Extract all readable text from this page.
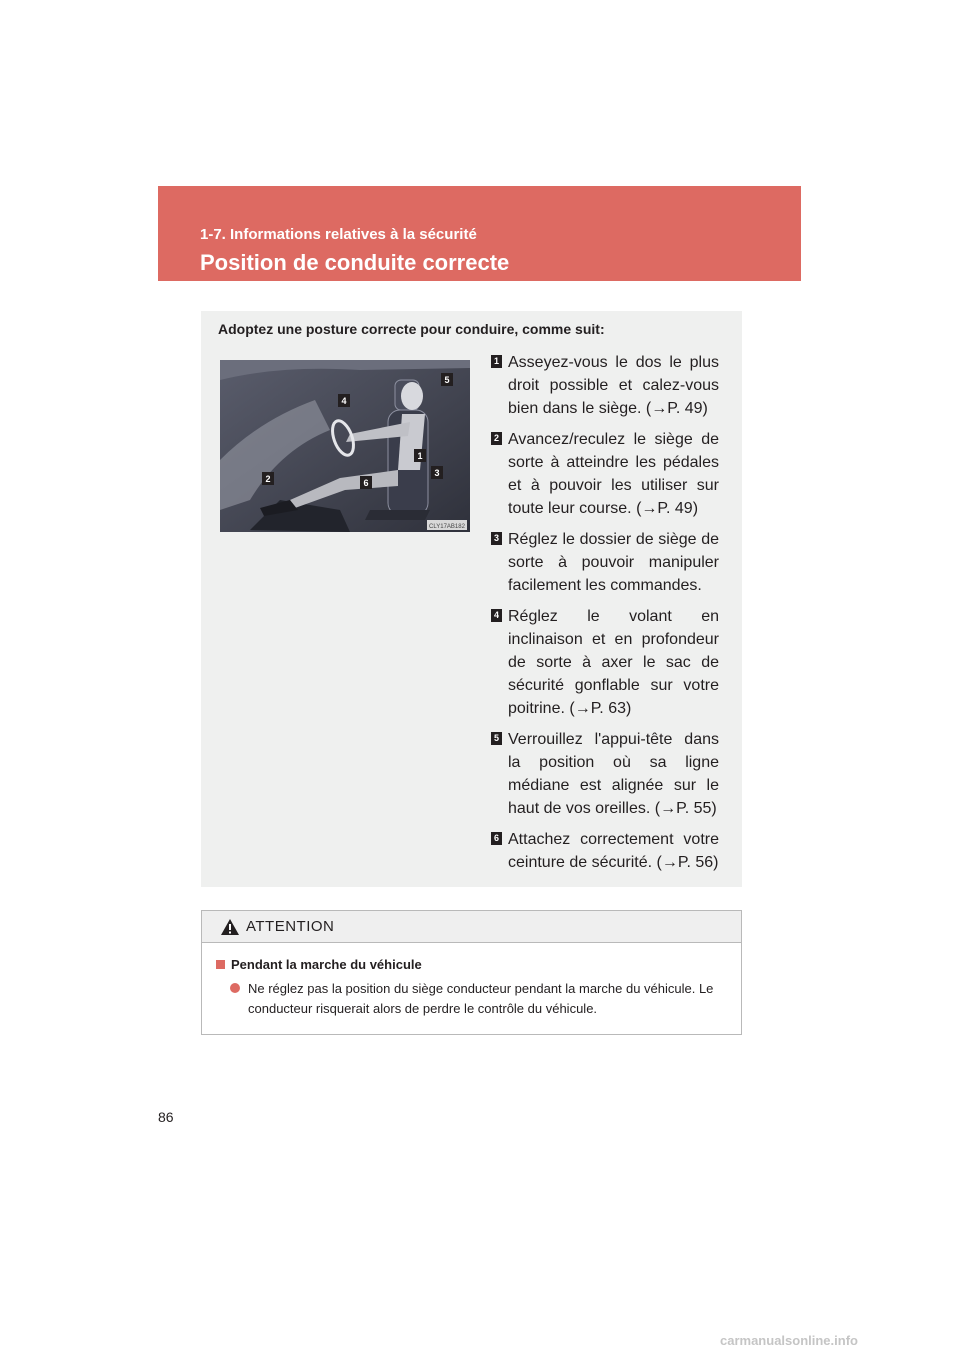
1-7. Informations relatives à la sécurité
Position de conduite correcte
Adoptez une posture correcte pour conduire, comme suit:
CLY17AB182
1
2
3
4
5
6
1 Asseyez-vous le dos le plus droit possible et calez-vous bien dans le siège. (→P. 49)
2 Avancez/reculez le siège de sorte à atteindre les pédales et à pouvoir les utiliser sur toute leur course. (→P. 49)
3 Réglez le dossier de siège de sorte à pouvoir manipuler facilement les commandes.
4 Réglez le volant en inclinaison et en profondeur de sorte à axer le sac de sécurité gonflable sur votre poitrine. (→P. 63)
5 Verrouillez l'appui-tête dans la position où sa ligne médiane est alignée sur le haut de vos oreilles. (→P. 55)
6 Attachez correctement votre ceinture de sécurité. (→P. 56)
ATTENTION
Pendant la marche du véhicule
Ne réglez pas la position du siège conducteur pendant la marche du véhicule. Le conducteur risquerait alors de perdre le contrôle du véhicule.
86
carmanualsonline.info
